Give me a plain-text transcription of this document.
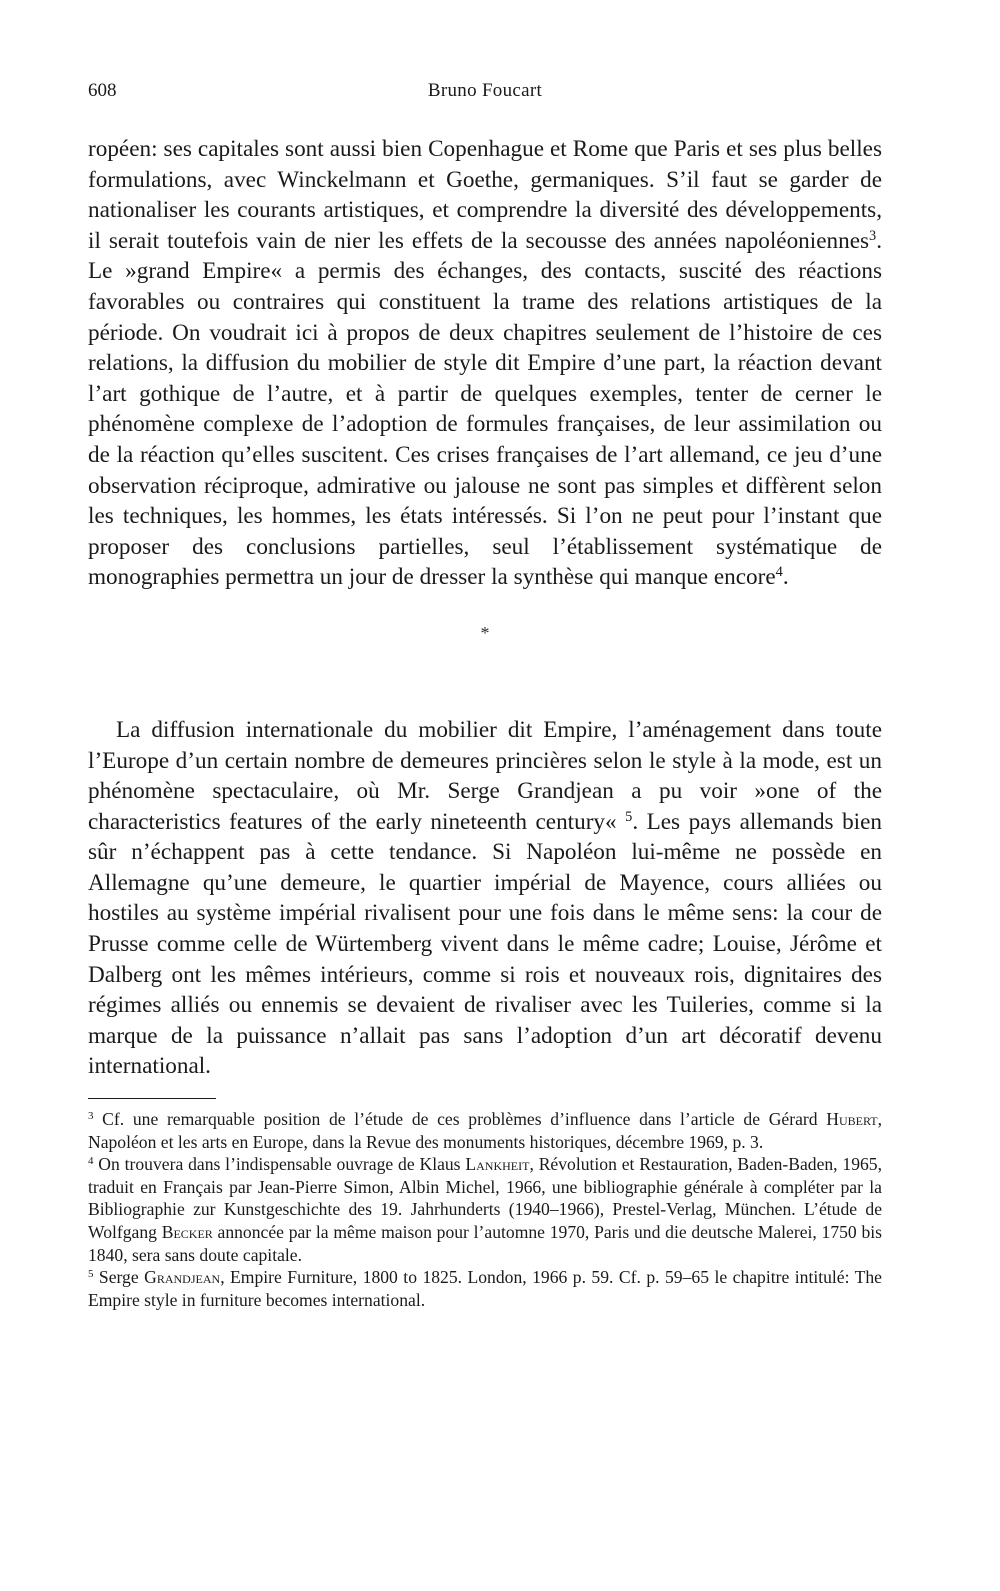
608	Bruno Foucart

ropéen: ses capitales sont aussi bien Copenhague et Rome que Paris et ses plus belles formulations, avec Winckelmann et Goethe, germaniques. S’il faut se garder de nationaliser les courants artistiques, et comprendre la diversité des développements, il serait toutefois vain de nier les effets de la secousse des années napoléoniennes$^3$. Le »grand Empire« a permis des échanges, des contacts, suscité des réactions favorables ou contraires qui constituent la trame des relations artistiques de la période. On voudrait ici à propos de deux chapitres seulement de l’histoire de ces relations, la diffusion du mobilier de style dit Empire d’une part, la réaction devant l’art gothique de l’autre, et à partir de quelques exemples, tenter de cerner le phénomène complexe de l’adoption de formules françaises, de leur assimilation ou de la réaction qu’elles suscitent. Ces crises françaises de l’art allemand, ce jeu d’une observation réciproque, admirative ou jalouse ne sont pas simples et diffèrent selon les techniques, les hommes, les états intéressés. Si l’on ne peut pour l’instant que proposer des conclusions partielles, seul l’établissement systématique de monographies permettra un jour de dresser la synthèse qui manque encore$^4$.

*

La diffusion internationale du mobilier dit Empire, l’aménagement dans toute l’Europe d’un certain nombre de demeures princières selon le style à la mode, est un phénomène spectaculaire, où Mr. Serge Grandjean a pu voir »one of the characteristics features of the early nineteenth century« $^5$. Les pays allemands bien sûr n’échappent pas à cette tendance. Si Napoléon lui-même ne possède en Allemagne qu’une demeure, le quartier impérial de Mayence, cours alliées ou hostiles au système impérial rivalisent pour une fois dans le même sens: la cour de Prusse comme celle de Würtemberg vivent dans le même cadre; Louise, Jérôme et Dalberg ont les mêmes intérieurs, comme si rois et nouveaux rois, dignitaires des régimes alliés ou ennemis se devaient de rivaliser avec les Tuileries, comme si la marque de la puissance n’allait pas sans l’adoption d’un art décoratif devenu international.

$^3$ Cf. une remarquable position de l’étude de ces problèmes d’influence dans l’article de Gérard Hubert, Napoléon et les arts en Europe, dans la Revue des monuments historiques, décembre 1969, p. 3.

$^4$ On trouvera dans l’indispensable ouvrage de Klaus Lankheit, Révolution et Restauration, Baden-Baden, 1965, traduit en Français par Jean-Pierre Simon, Albin Michel, 1966, une bibliographie générale à compléter par la Bibliographie zur Kunstgeschichte des 19. Jahrhunderts (1940–1966), Prestel-Verlag, München. L’étude de Wolfgang Becker annoncée par la même maison pour l’automne 1970, Paris und die deutsche Malerei, 1750 bis 1840, sera sans doute capitale.

$^5$ Serge Grandjean, Empire Furniture, 1800 to 1825. London, 1966 p. 59. Cf. p. 59–65 le chapitre intitulé: The Empire style in furniture becomes international.
